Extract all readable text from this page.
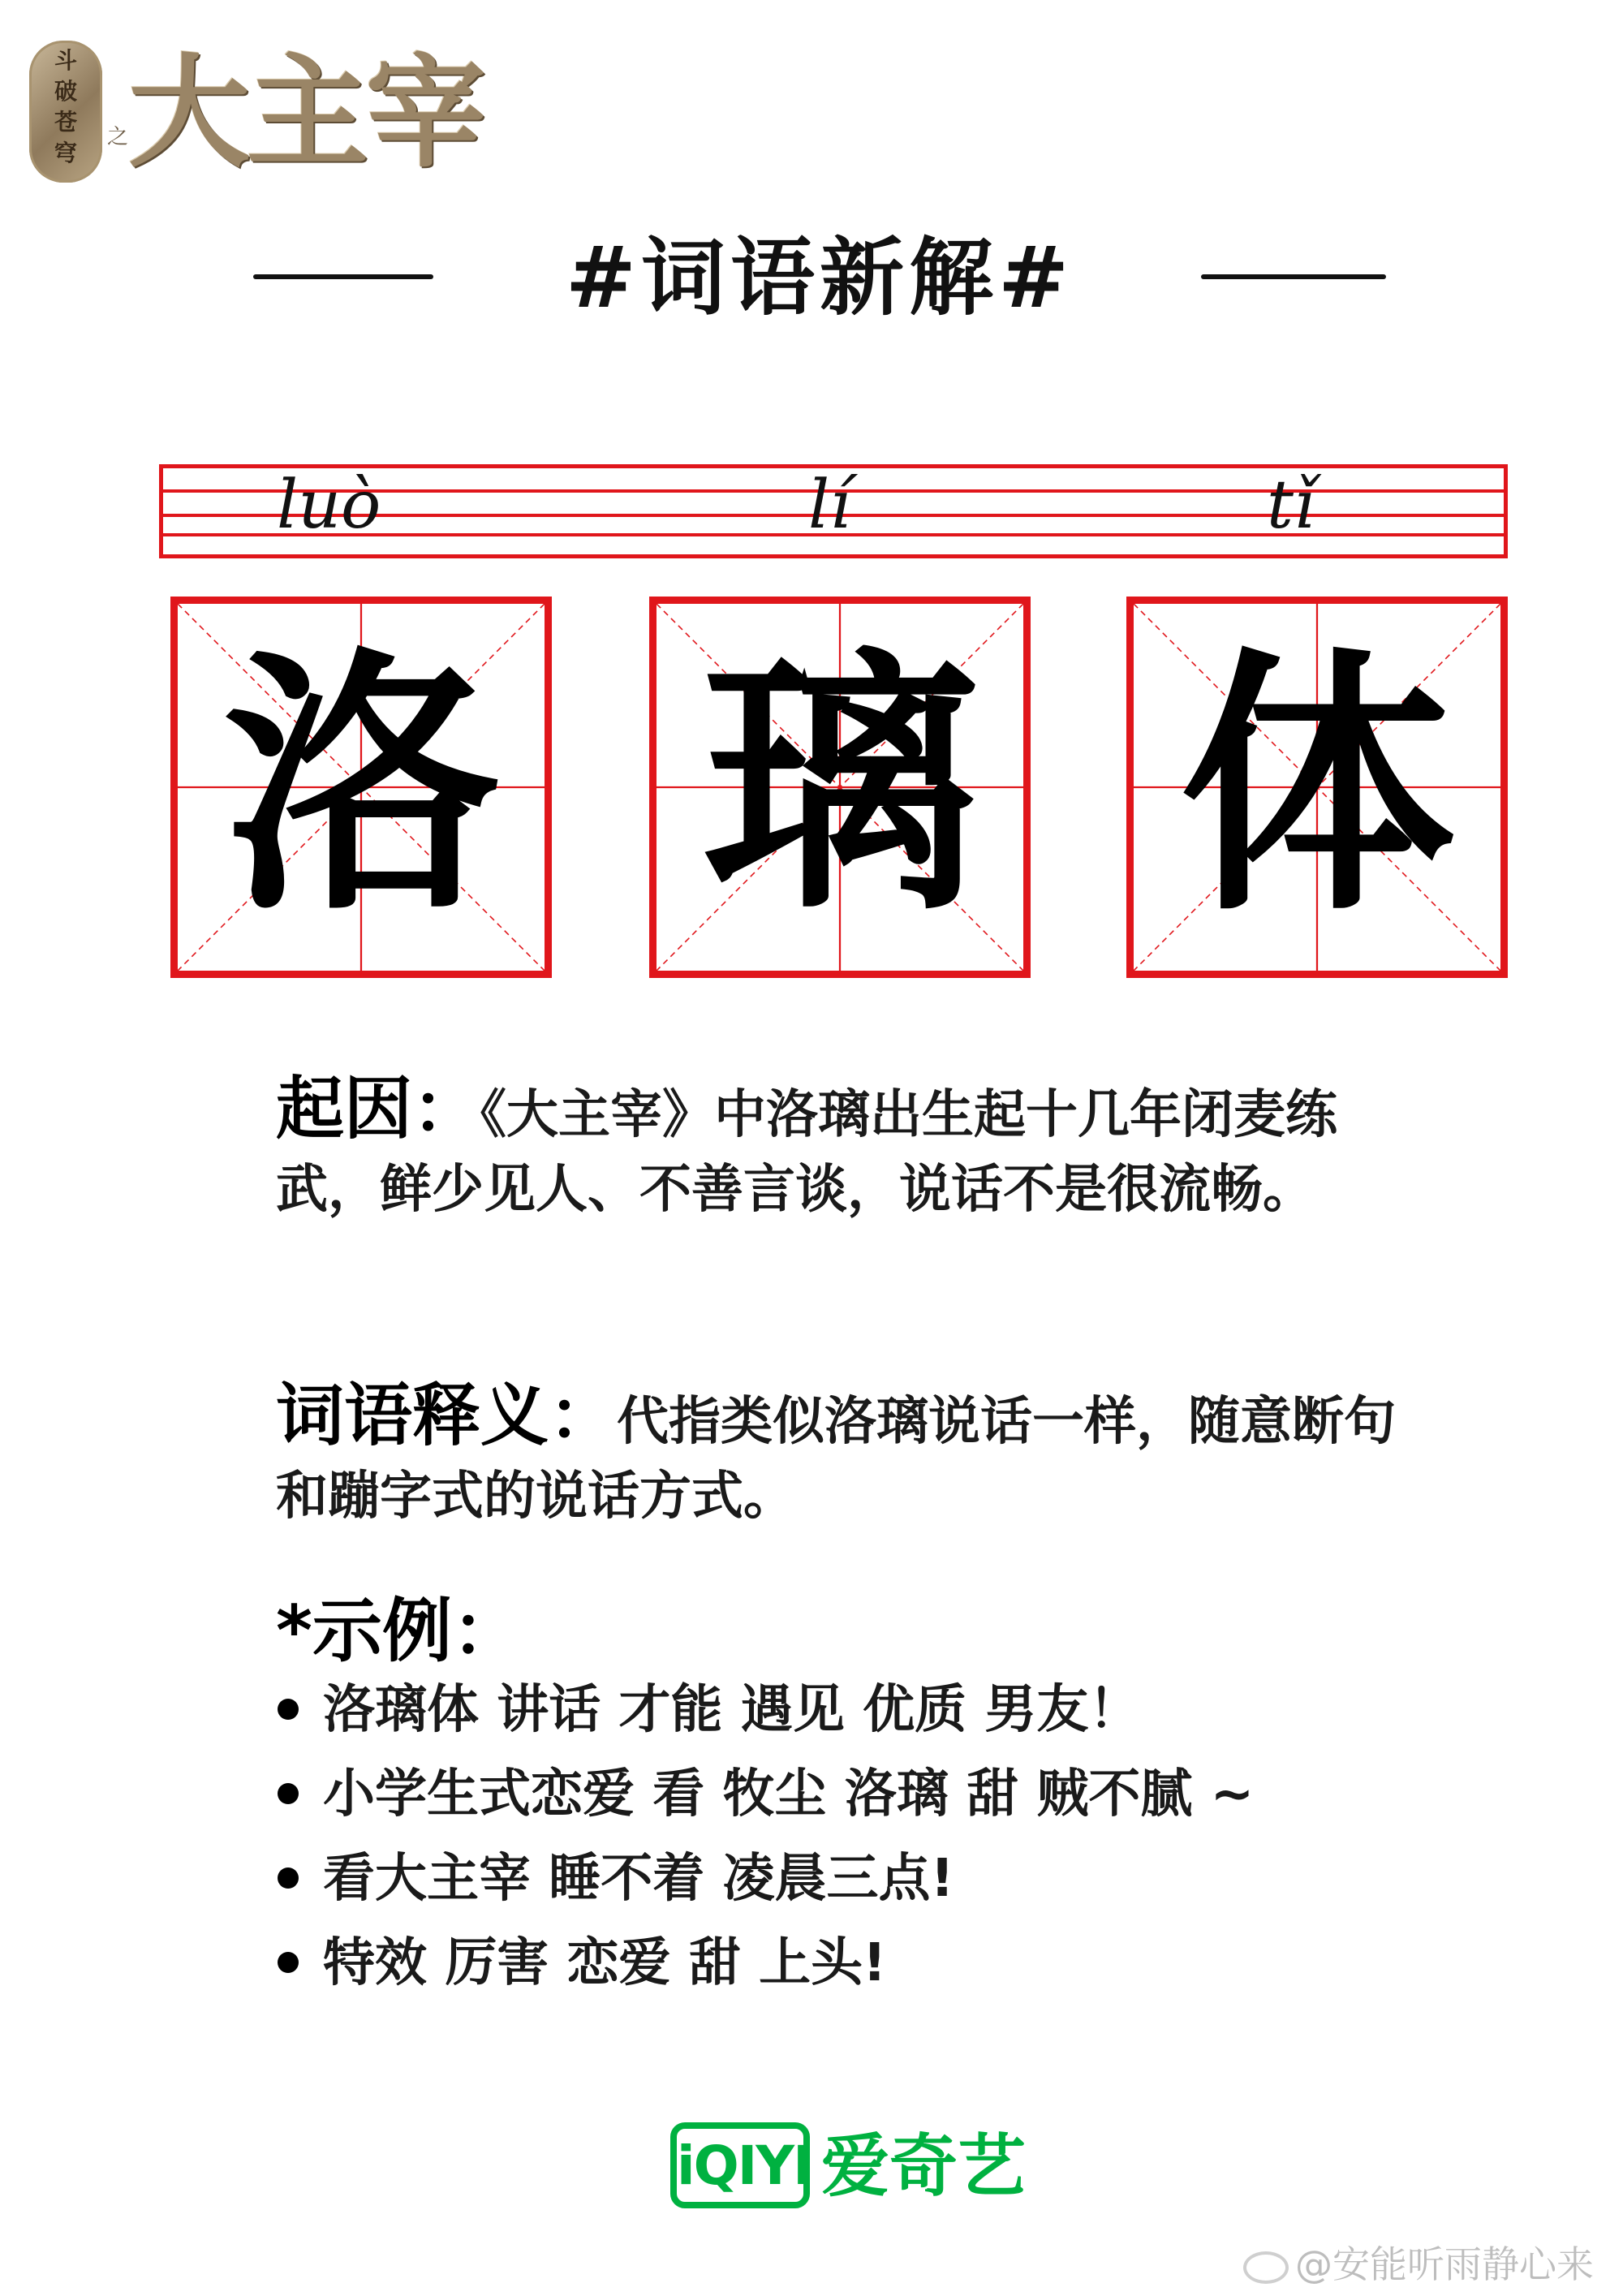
斗
破
苍
穹
之 大主宰
#词语新解#
luò	lí	tǐ
洛 璃 体

起因：《大主宰》中洛璃出生起十几年闭麦练武，鲜少见人、不善言谈，说话不是很流畅。

词语释义：代指类似洛璃说话一样，随意断句和蹦字式的说话方式。

*示例：
洛璃体 讲话 才能 遇见 优质 男友！
小学生式恋爱 看 牧尘 洛璃 甜 贼不腻 ~
看大主宰 睡不着 凌晨三点!
特效 厉害 恋爱 甜 上头!
iQIYI 爱奇艺
@安能听雨静心来
